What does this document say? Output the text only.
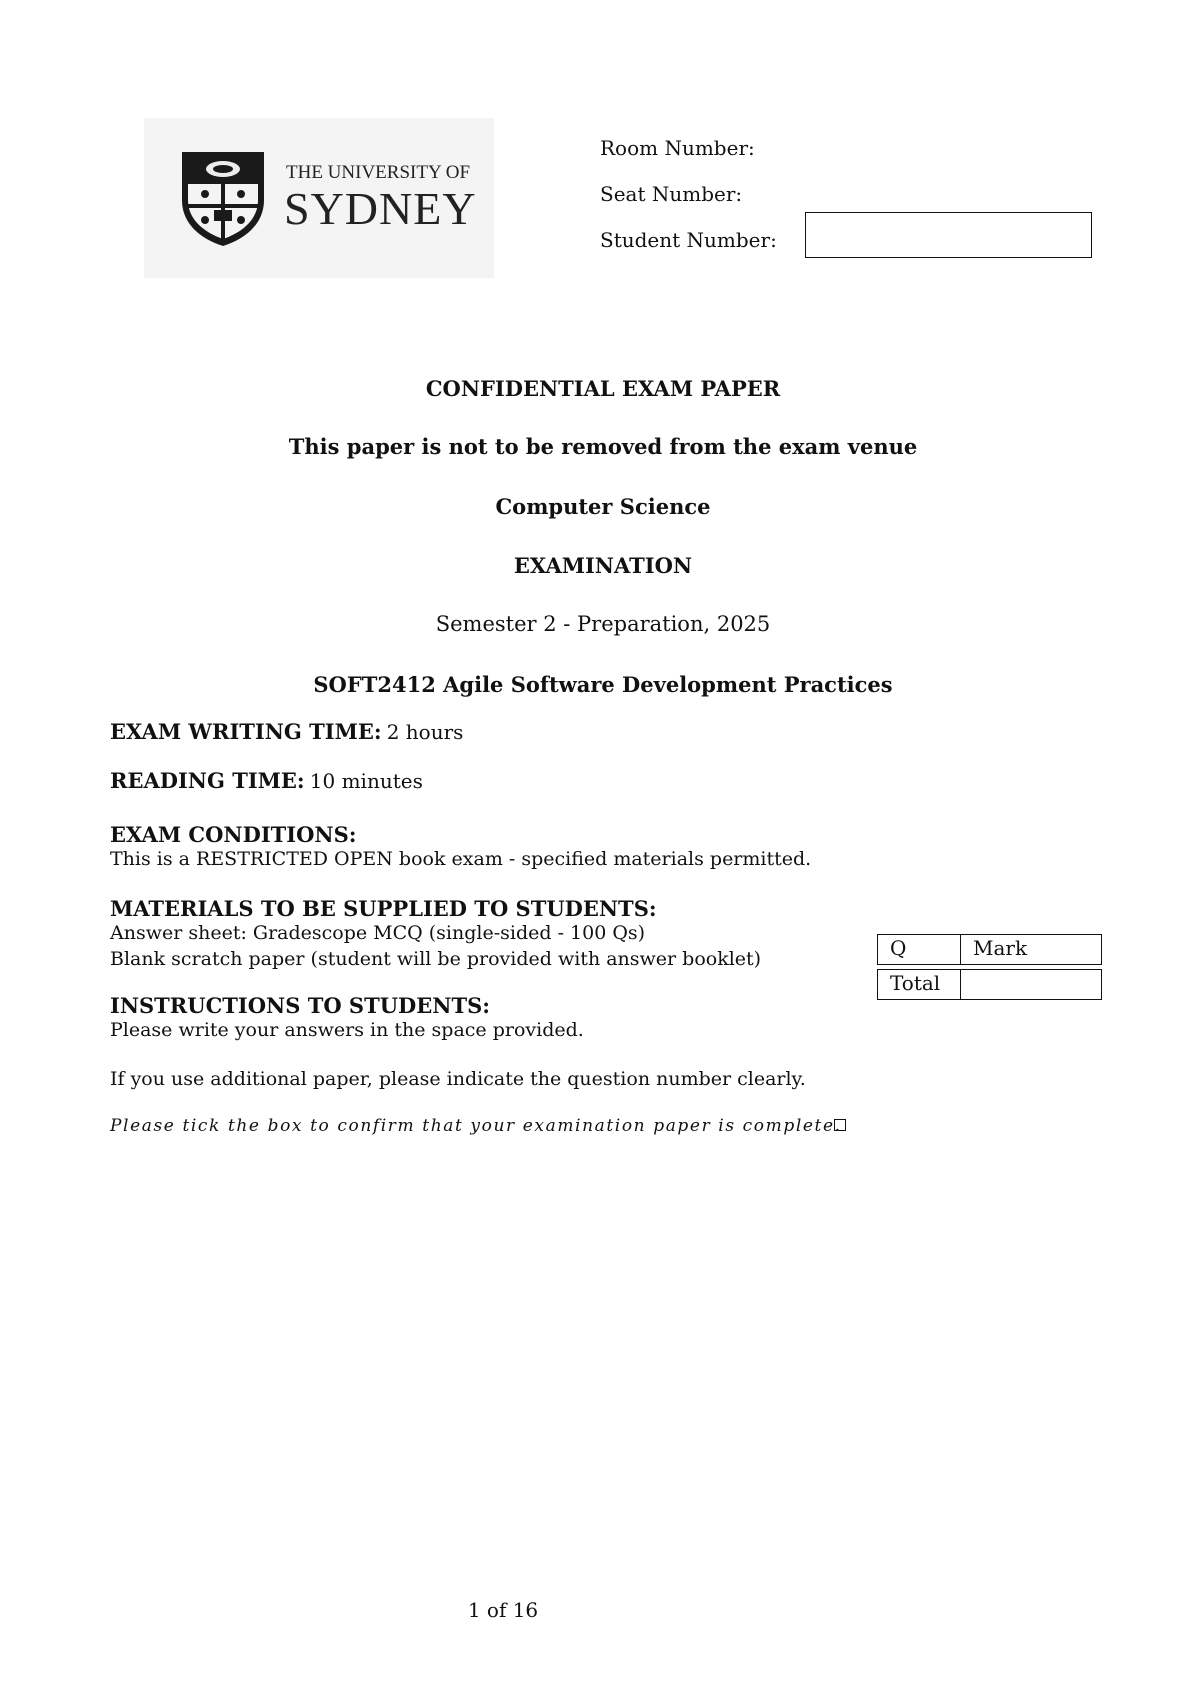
THE UNIVERSITY OF
SYDNEY
Room Number:
Seat Number:
Student Number:
CONFIDENTIAL EXAM PAPER
This paper is not to be removed from the exam venue
Computer Science
EXAMINATION
Semester 2 - Preparation, 2025
SOFT2412 Agile Software Development Practices
EXAM WRITING TIME: 2 hours
READING TIME: 10 minutes
EXAM CONDITIONS:
This is a RESTRICTED OPEN book exam - specified materials permitted.
MATERIALS TO BE SUPPLIED TO STUDENTS:
Answer sheet: Gradescope MCQ (single-sided - 100 Qs)
Blank scratch paper (student will be provided with answer booklet)
INSTRUCTIONS TO STUDENTS:
Please write your answers in the space provided.
If you use additional paper, please indicate the question number clearly.
Please tick the box to confirm that your examination paper is complete.
Q	Mark
Total
1 of 16
